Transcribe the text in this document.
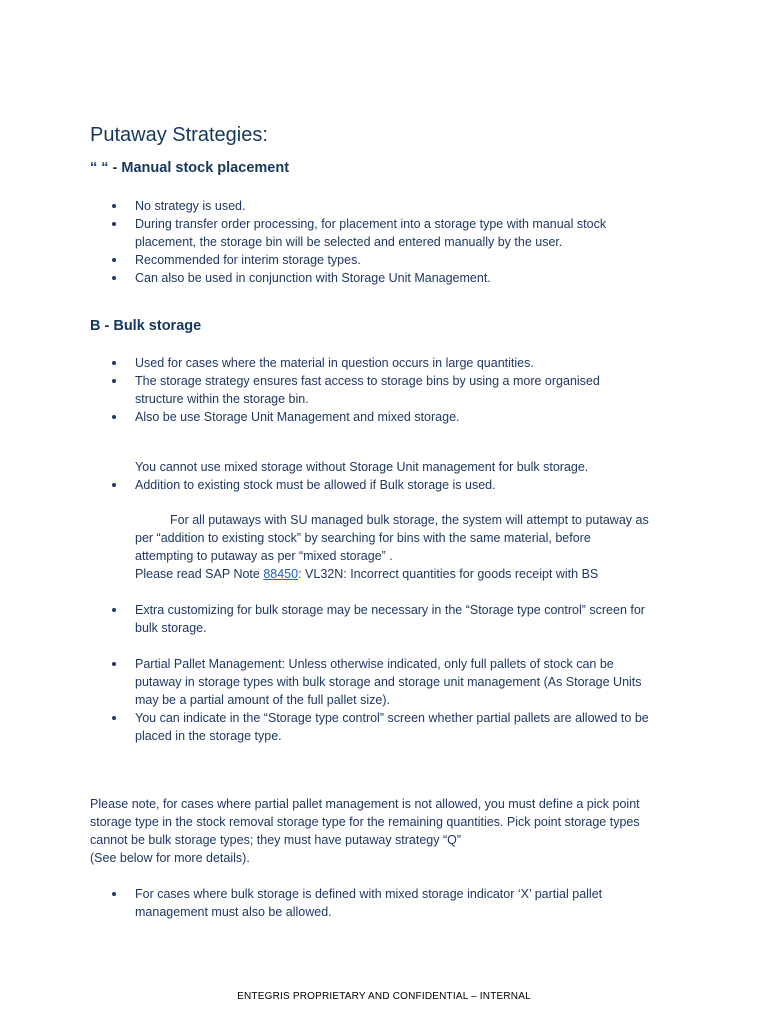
Putaway Strategies:
“ “ - Manual stock placement
No strategy is used.
During transfer order processing, for placement into a storage type with manual stock placement, the storage bin will be selected and entered manually by the user.
Recommended for interim storage types.
Can also be used in conjunction with Storage Unit Management.
B - Bulk storage
Used for cases where the material in question occurs in large quantities.
The storage strategy ensures fast access to storage bins by using a more organised structure within the storage bin.
Also be use Storage Unit Management and mixed storage.
You cannot use mixed storage without Storage Unit management for bulk storage.
Addition to existing stock must be allowed if Bulk storage is used.
For all putaways with SU managed bulk storage, the system will attempt to putaway as
per “addition to existing stock” by searching for bins with the same material, before
attempting to putaway as per “mixed storage” .
Please read SAP Note 88450: VL32N: Incorrect quantities for goods receipt with BS
Extra customizing for bulk storage may be necessary in the “Storage type control” screen for bulk storage.
Partial Pallet Management: Unless otherwise indicated, only full pallets of stock can be putaway in storage types with bulk storage and storage unit management (As Storage Units may be a partial amount of the full pallet size).
You can indicate in the “Storage type control” screen whether partial pallets are allowed to be placed in the storage type.
Please note, for cases where partial pallet management is not allowed, you must define a pick point storage type in the stock removal storage type for the remaining quantities. Pick point storage types cannot be bulk storage types; they must have putaway strategy “Q”
(See below for more details).
For cases where bulk storage is defined with mixed storage indicator ‘X’ partial pallet management must also be allowed.
ENTEGRIS PROPRIETARY AND CONFIDENTIAL – INTERNAL
